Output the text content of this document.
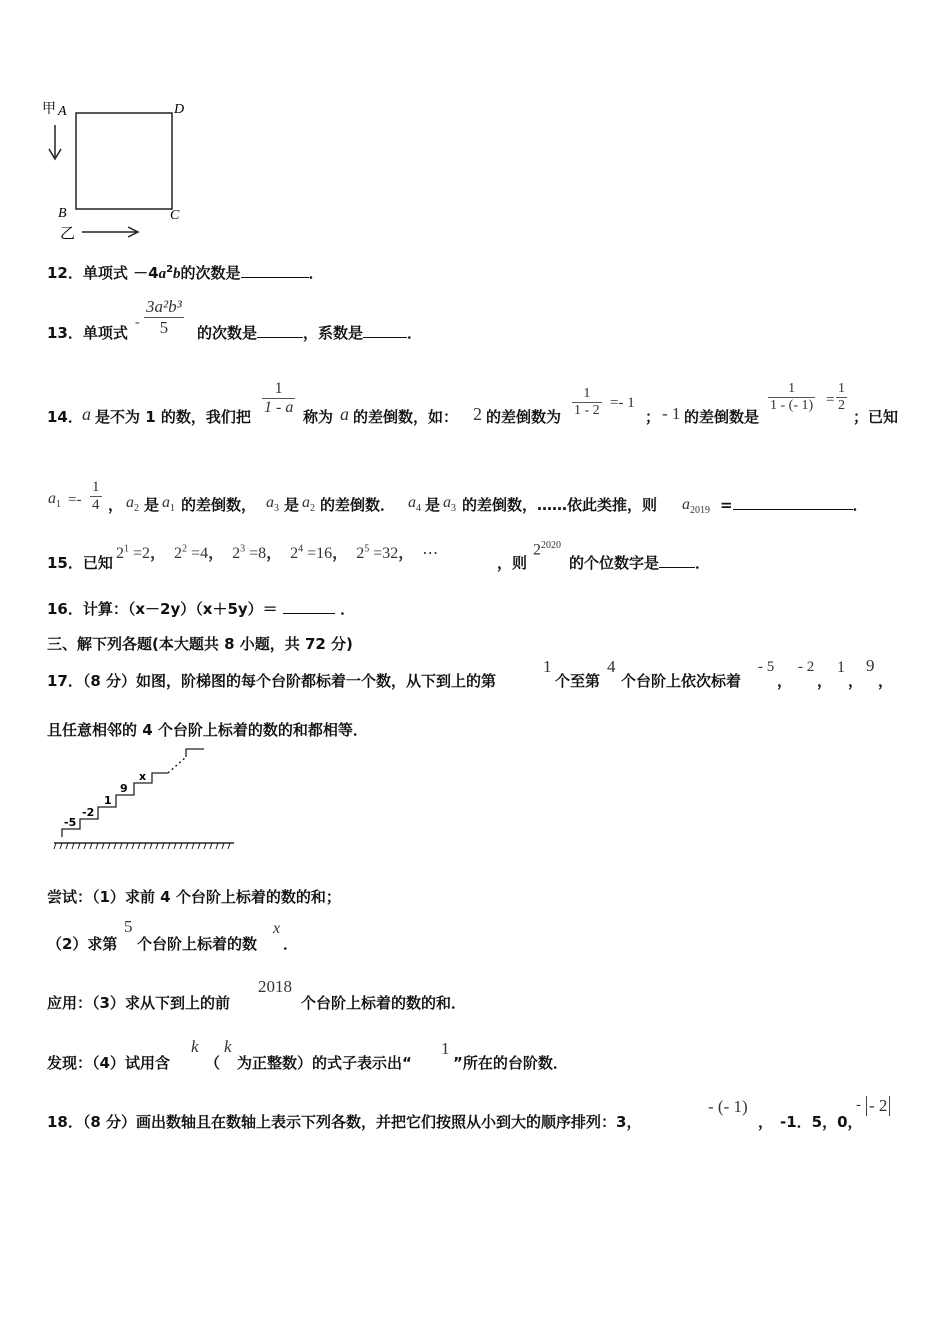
甲 A	D
B	C
乙
12．单项式 $-4a^2b$的次数是	．
13．单项式
- $\frac{\text{3a²b³}}{5}$ 的次数是	，系数是	．
14． a 是不为 1 的数，我们把 $\frac{1}{1 - a}$ 称为 a 的差倒数，如： 2 的差倒数为 $\frac{1}{1 - 2} =- 1$
； - 1 的差倒数是
$\frac{1}{1 - (- 1)} = \frac{1}{2}$
；已知
$a_1 =- \frac{1}{4}$ ， $a_2$ 是 $a_1$ 的差倒数， $a_3$ 是 $a_2$ 的差倒数． $a_4$ 是 $a_3$ 的差倒数，……依此类推，则 $a_{2019}$ =	．
15．已知
$2^1 =2$， $2^2 =4$， $2^3 =8$， $2^4 =16$， $2^5 =32$， ⋯
，则
$2^{2020}$
的个位数字是 ．
16．计算：（x－2y）（x＋5y）＝	．
三、解下列各题(本大题共 8 小题，共 72 分)
17．（8 分）如图，阶梯图的每个台阶都标着一个数，从下到上的第
1
个至第
4
个台阶上依次标着
- 5
，
- 2
，
1
，
9
，
且任意相邻的 4 个台阶上标着的数的和都相等．
-5
-2
1
9
x
尝试：（1）求前 4 个台阶上标着的数的和；
（2）求第
5
个台阶上标着的数
x
．
应用：（3）求从下到上的前
2018
个台阶上标着的数的和．
发现：（4）试用含
k
（
k
为正整数）的式子表示出“
1
”所在的台阶数．
18．（8 分）画出数轴且在数轴上表示下列各数，并把它们按照从小到大的顺序排列：3，
- (- 1)
， -1．5，0，
- - 2
